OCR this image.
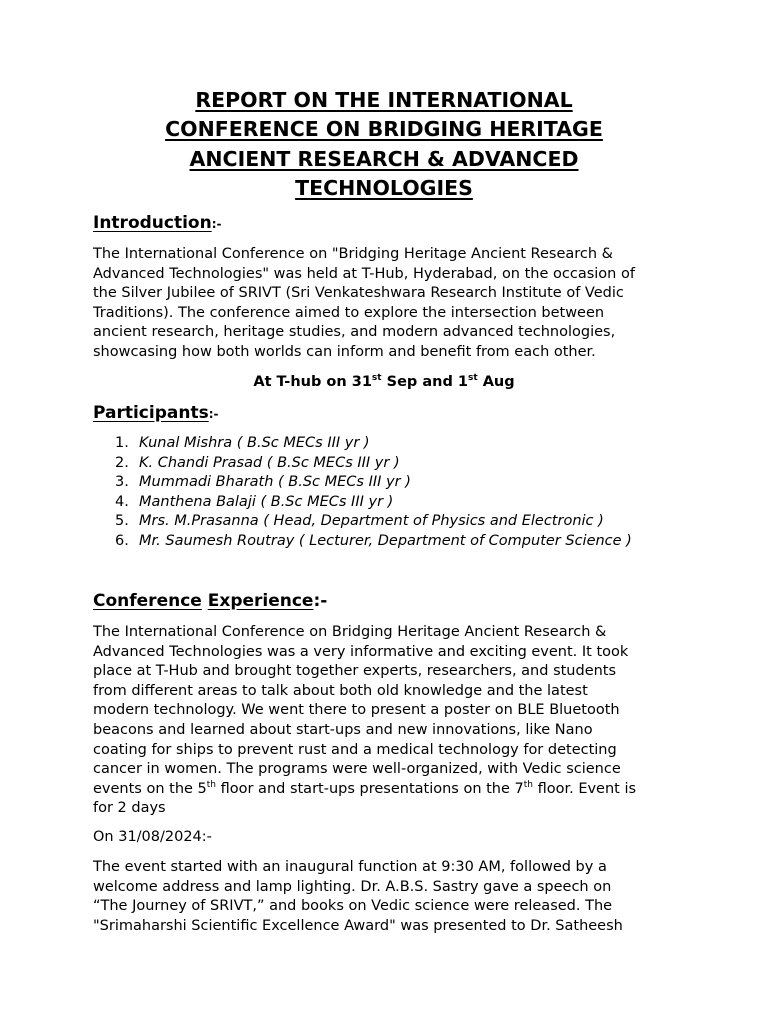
REPORT ON THE INTERNATIONAL
CONFERENCE ON BRIDGING HERITAGE
ANCIENT RESEARCH & ADVANCED
TECHNOLOGIES
Introduction:-
The International Conference on "Bridging Heritage Ancient Research &
Advanced Technologies" was held at T-Hub, Hyderabad, on the occasion of
the Silver Jubilee of SRIVT (Sri Venkateshwara Research Institute of Vedic
Traditions). The conference aimed to explore the intersection between
ancient research, heritage studies, and modern advanced technologies,
showcasing how both worlds can inform and benefit from each other.

At T-hub on 31st Sep and 1st Aug

Participants:-
1. Kunal Mishra ( B.Sc MECs III yr )
2. K. Chandi Prasad ( B.Sc MECs III yr )
3. Mummadi Bharath ( B.Sc MECs III yr )
4. Manthena Balaji ( B.Sc MECs III yr )
5. Mrs. M.Prasanna ( Head, Department of Physics and Electronic )
6. Mr. Saumesh Routray ( Lecturer, Department of Computer Science )
Conference Experience:-
The International Conference on Bridging Heritage Ancient Research &
Advanced Technologies was a very informative and exciting event. It took
place at T-Hub and brought together experts, researchers, and students
from different areas to talk about both old knowledge and the latest
modern technology. We went there to present a poster on BLE Bluetooth
beacons and learned about start-ups and new innovations, like Nano
coating for ships to prevent rust and a medical technology for detecting
cancer in women. The programs were well-organized, with Vedic science
events on the 5th floor and start-ups presentations on the 7th floor. Event is
for 2 days
On 31/08/2024:-
The event started with an inaugural function at 9:30 AM, followed by a
welcome address and lamp lighting. Dr. A.B.S. Sastry gave a speech on
“The Journey of SRIVT,” and books on Vedic science were released. The
"Srimaharshi Scientific Excellence Award" was presented to Dr. Satheesh
